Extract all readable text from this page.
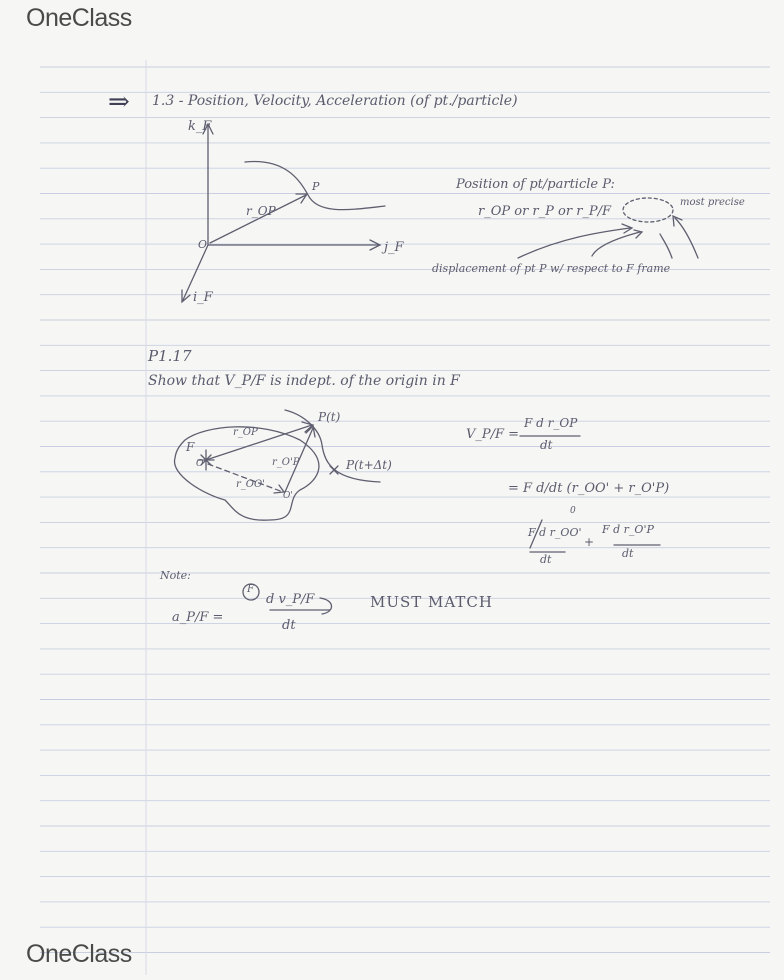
OneClass
OneClass
⇒ 1.3 - Position, Velocity, Acceleration (of pt./particle)
k_F
j_F
i_F
O
P
r_OP
Position of pt/particle P:
r_OP or r_P or r_P/F
most precise
displacement of pt P w/ respect to F frame
P1.17
Show that V_P/F is indept. of the origin in F
F
O
O'
P(t)
P(t+Δt)
r_OP
r_O'P
r_OO'
V_P/F =
F d r_OP
dt
= F d/dt (r_OO' + r_O'P)
0
F d r_OO'
dt
+
F d r_O'P
dt
Note:
a_P/F =
F
d v_P/F
dt
MUST MATCH
